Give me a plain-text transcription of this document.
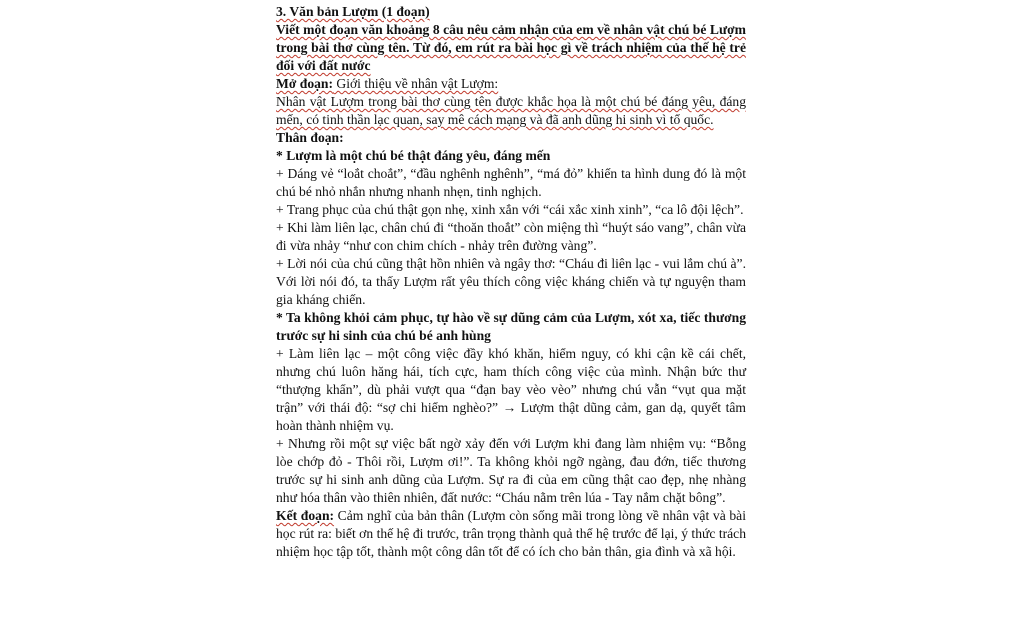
3. Văn bản Lượm (1 đoạn)

Viết một đoạn văn khoảng 8 câu nêu cảm nhận của em về nhân vật chú bé Lượm trong bài thơ cùng tên. Từ đó, em rút ra bài học gì về trách nhiệm của thế hệ trẻ đối với đất nước

Mở đoạn: Giới thiệu về nhân vật Lượm:

Nhân vật Lượm trong bài thơ cùng tên được khắc họa là một chú bé đáng yêu, đáng mến, có tinh thần lạc quan, say mê cách mạng và đã anh dũng hi sinh vì tổ quốc.

Thân đoạn:

* Lượm là một chú bé thật đáng yêu, đáng mến

+ Dáng vẻ “loắt choắt”, “đầu nghênh nghênh”, “má đỏ” khiến ta hình dung đó là một chú bé nhỏ nhắn nhưng nhanh nhẹn, tinh nghịch.

+ Trang phục của chú thật gọn nhẹ, xinh xắn với “cái xắc xinh xinh”, “ca lô đội lệch”.

+ Khi làm liên lạc, chân chú đi “thoăn thoắt” còn miệng thì “huýt sáo vang”, chân vừa đi vừa nhảy “như con chim chích - nhảy trên đường vàng”.

+ Lời nói của chú cũng thật hồn nhiên và ngây thơ: “Cháu đi liên lạc - vui lắm chú à”. Với lời nói đó, ta thấy Lượm rất yêu thích công việc kháng chiến và tự nguyện tham gia kháng chiến.

* Ta không khỏi cảm phục, tự hào về sự dũng cảm của Lượm, xót xa, tiếc thương trước sự hi sinh của chú bé anh hùng

+ Làm liên lạc – một công việc đầy khó khăn, hiểm nguy, có khi cận kề cái chết, nhưng chú luôn hăng hái, tích cực, ham thích công việc của mình. Nhận bức thư “thượng khẩn”, dù phải vượt qua “đạn bay vèo vèo” nhưng chú vẫn “vụt qua mặt trận” với thái độ: “sợ chi hiểm nghèo?” → Lượm thật dũng cảm, gan dạ, quyết tâm hoàn thành nhiệm vụ.

+ Nhưng rồi một sự việc bất ngờ xảy đến với Lượm khi đang làm nhiệm vụ: “Bỗng lòe chớp đỏ - Thôi rồi, Lượm ơi!”. Ta không khỏi ngỡ ngàng, đau đớn, tiếc thương trước sự hi sinh anh dũng của Lượm. Sự ra đi của em cũng thật cao đẹp, nhẹ nhàng như hóa thân vào thiên nhiên, đất nước: “Cháu nằm trên lúa - Tay nắm chặt bông”.

Kết đoạn: Cảm nghĩ của bản thân (Lượm còn sống mãi trong lòng về nhân vật và bài học rút ra: biết ơn thế hệ đi trước, trân trọng thành quả thế hệ trước để lại, ý thức trách nhiệm học tập tốt, thành một công dân tốt để có ích cho bản thân, gia đình và xã hội.
